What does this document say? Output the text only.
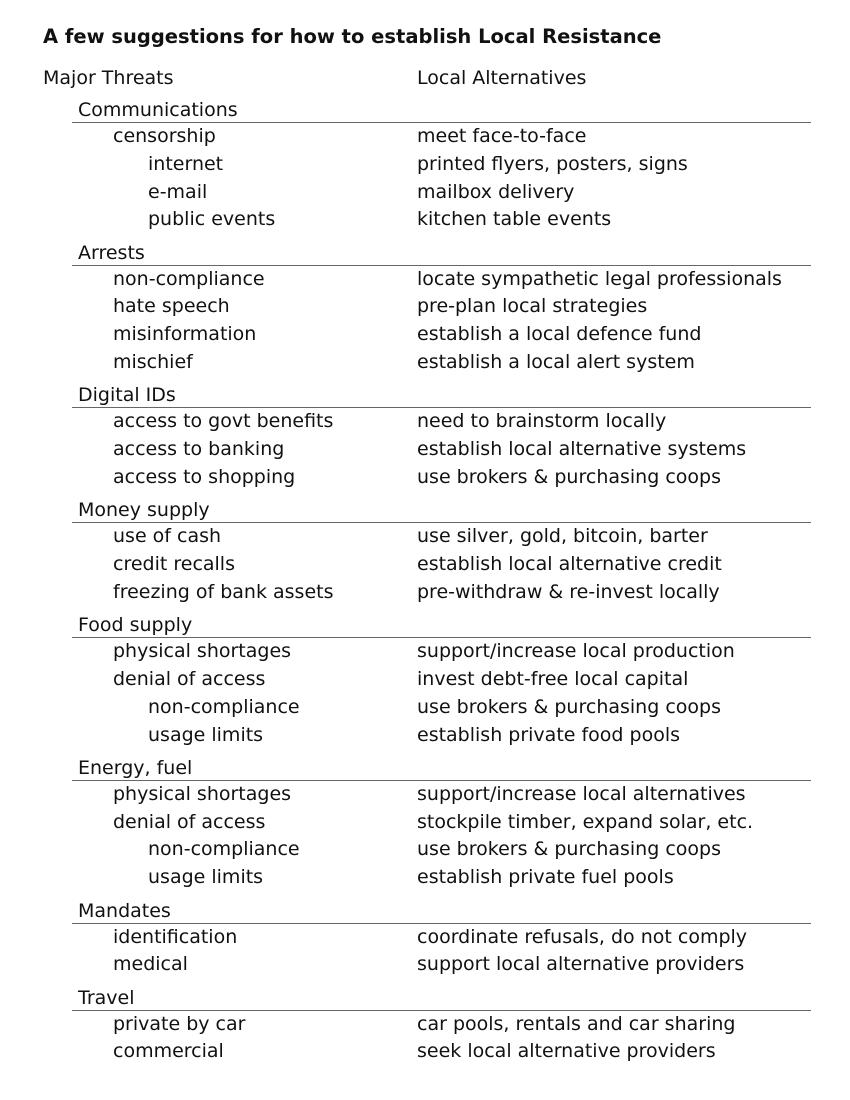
A few suggestions for how to establish Local Resistance
Major Threats	Local Alternatives
Communications
censorship	meet face-to-face
internet	printed flyers, posters, signs
e-mail	mailbox delivery
public events	kitchen table events
Arrests
non-compliance	locate sympathetic legal professionals
hate speech	pre-plan local strategies
misinformation	establish a local defence fund
mischief	establish a local alert system
Digital IDs
access to govt benefits	need to brainstorm locally
access to banking	establish local alternative systems
access to shopping	use brokers & purchasing coops
Money supply
use of cash	use silver, gold, bitcoin, barter
credit recalls	establish local alternative credit
freezing of bank assets	pre-withdraw & re-invest locally
Food supply
physical shortages	support/increase local production
denial of access	invest debt-free local capital
non-compliance	use brokers & purchasing coops
usage limits	establish private food pools
Energy, fuel
physical shortages	support/increase local alternatives
denial of access	stockpile timber, expand solar, etc.
non-compliance	use brokers & purchasing coops
usage limits	establish private fuel pools
Mandates
identification	coordinate refusals, do not comply
medical	support local alternative providers
Travel
private by car	car pools, rentals and car sharing
commercial	seek local alternative providers
